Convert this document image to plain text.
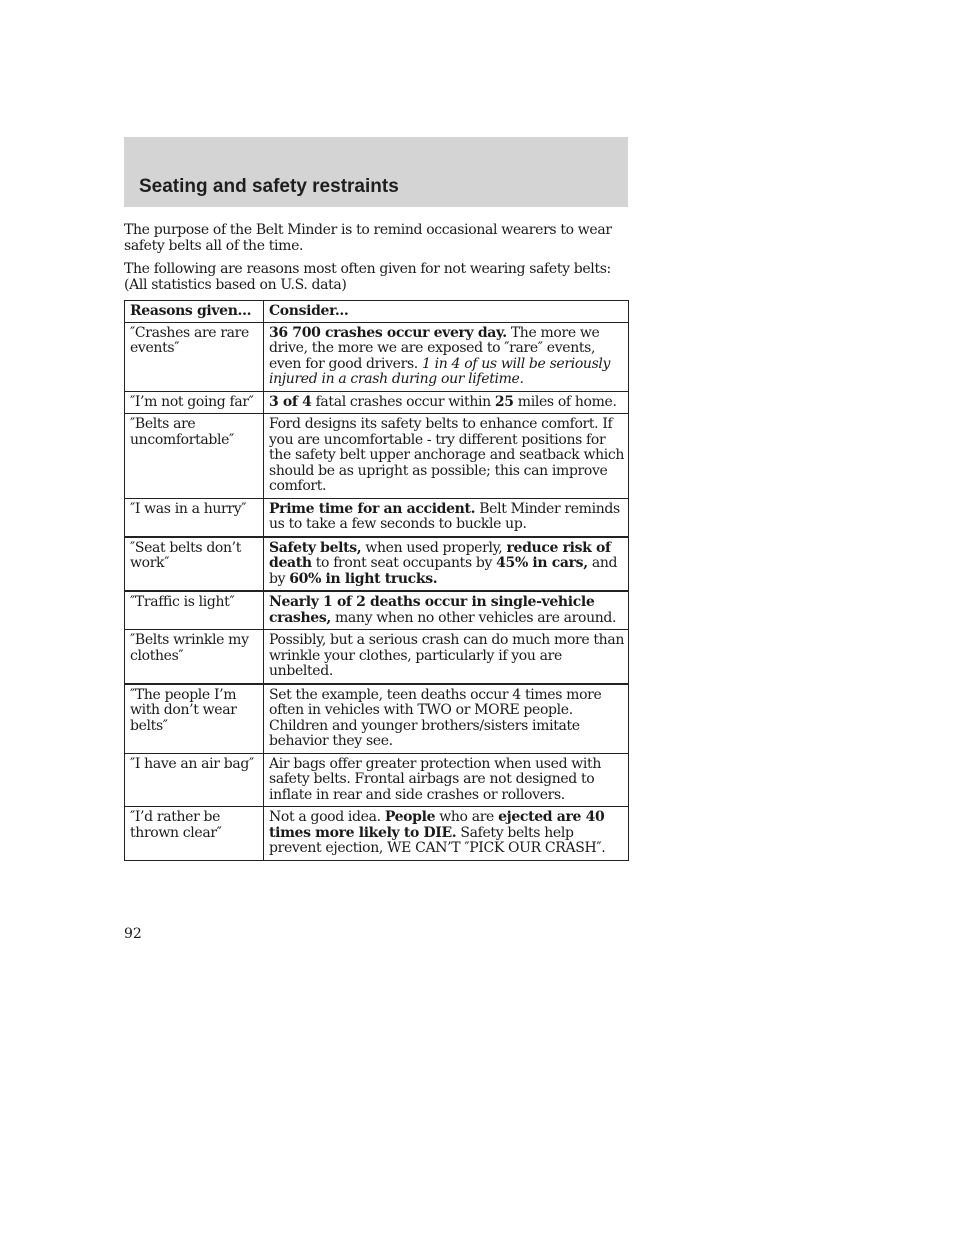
Seating and safety restraints

The purpose of the Belt Minder is to remind occasional wearers to wear safety belts all of the time.

The following are reasons most often given for not wearing safety belts: (All statistics based on U.S. data)

Reasons given...	Consider...
″Crashes are rare events″	36 700 crashes occur every day. The more we drive, the more we are exposed to ″rare″ events, even for good drivers. 1 in 4 of us will be seriously injured in a crash during our lifetime.
″I’m not going far″	3 of 4 fatal crashes occur within 25 miles of home.
″Belts are uncomfortable″	Ford designs its safety belts to enhance comfort. If you are uncomfortable - try different positions for the safety belt upper anchorage and seatback which should be as upright as possible; this can improve comfort.
″I was in a hurry″	Prime time for an accident. Belt Minder reminds us to take a few seconds to buckle up.
″Seat belts don’t work″	Safety belts, when used properly, reduce risk of death to front seat occupants by 45% in cars, and by 60% in light trucks.
″Traffic is light″	Nearly 1 of 2 deaths occur in single-vehicle crashes, many when no other vehicles are around.
″Belts wrinkle my clothes″	Possibly, but a serious crash can do much more than wrinkle your clothes, particularly if you are unbelted.
″The people I’m with don’t wear belts″	Set the example, teen deaths occur 4 times more often in vehicles with TWO or MORE people. Children and younger brothers/sisters imitate behavior they see.
″I have an air bag″	Air bags offer greater protection when used with safety belts. Frontal airbags are not designed to inflate in rear and side crashes or rollovers.
″I’d rather be thrown clear″	Not a good idea. People who are ejected are 40 times more likely to DIE. Safety belts help prevent ejection, WE CAN’T ″PICK OUR CRASH″.

92
